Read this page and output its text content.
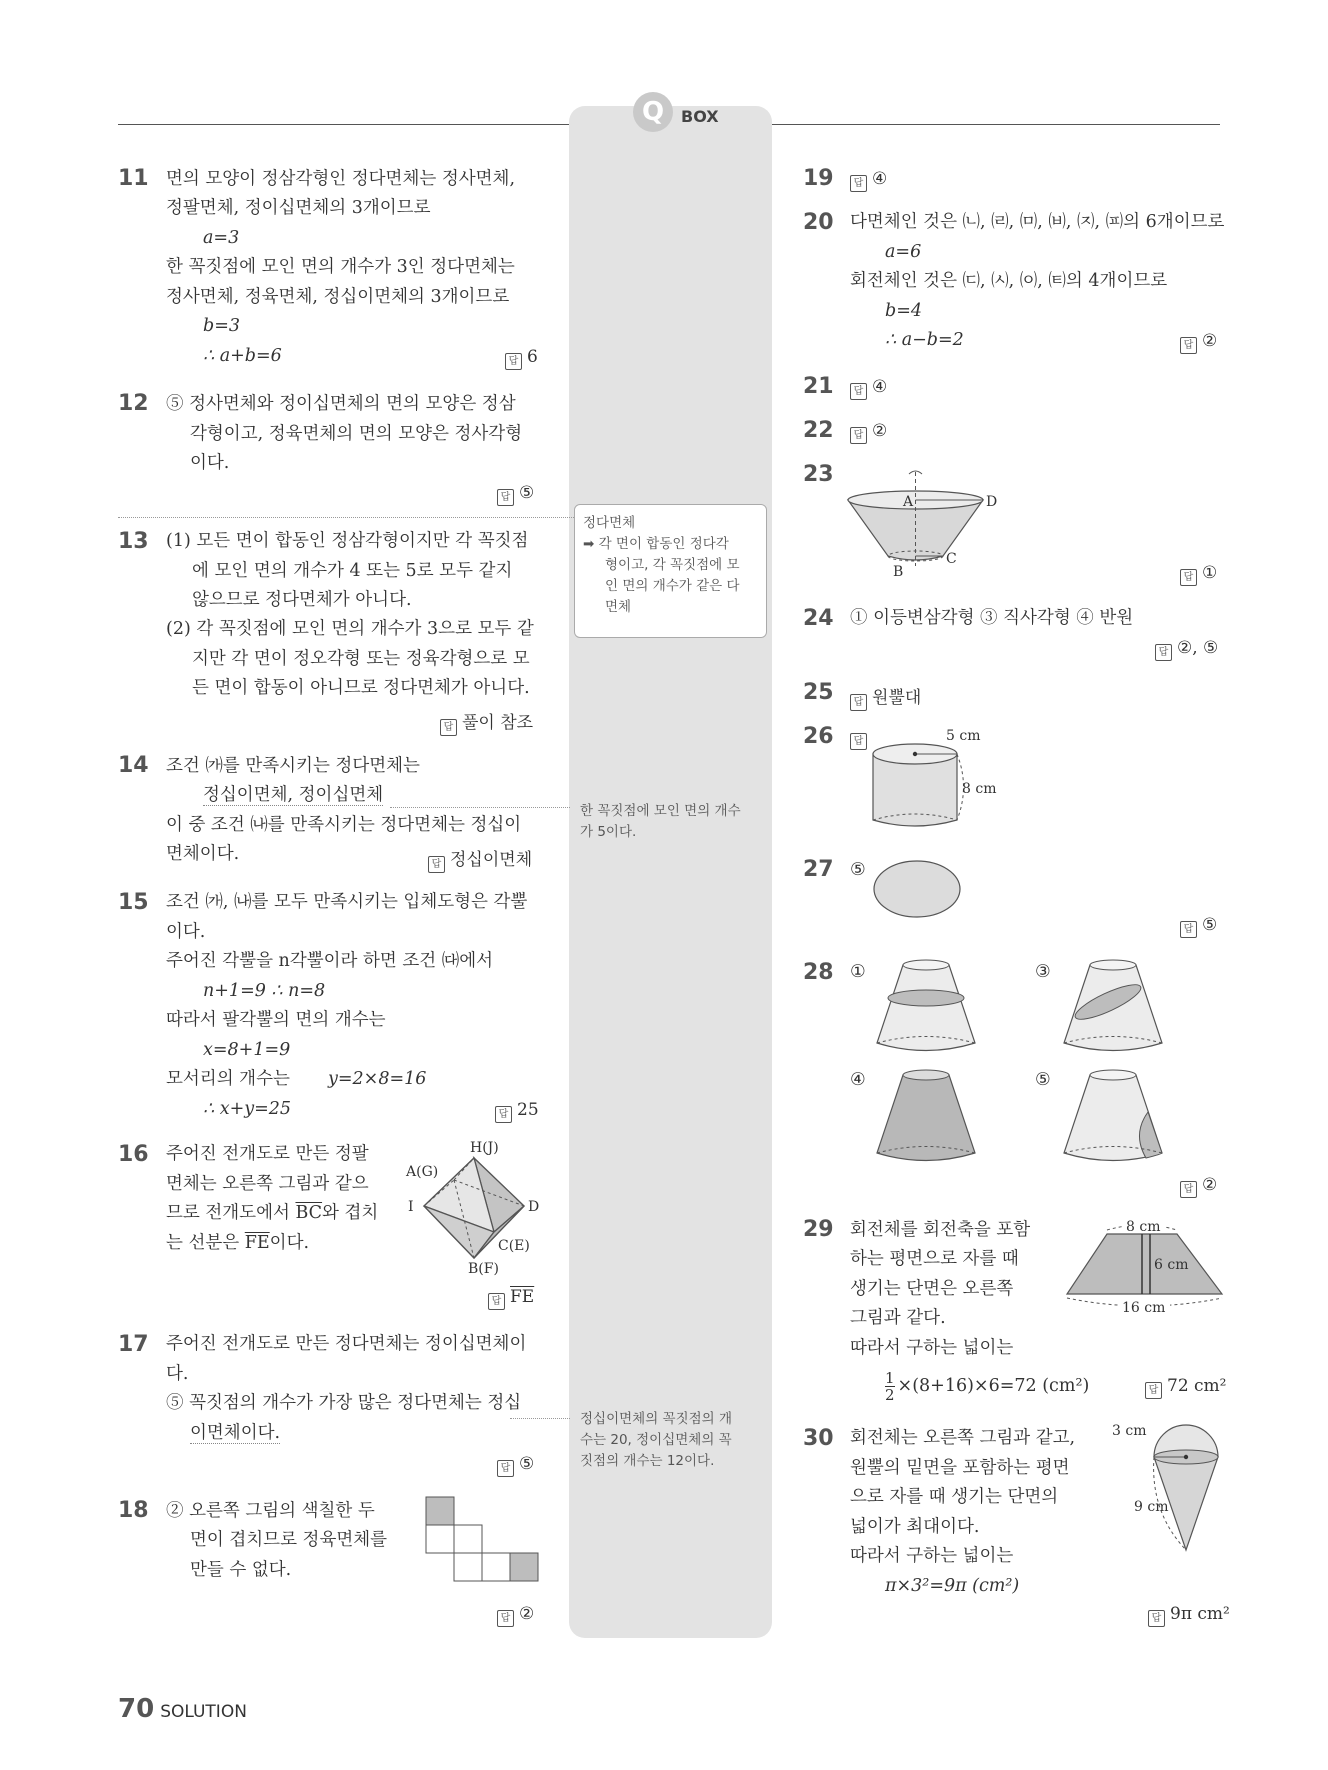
Q	BOX
11 면의 모양이 정삼각형인 정다면체는 정사면체,
정팔면체, 정이십면체의 3개이므로
a=3
한 꼭짓점에 모인 면의 개수가 3인 정다면체는
정사면체, 정육면체, 정십이면체의 3개이므로
b=3
∴ a+b=6	답 6
12 ⑤ 정사면체와 정이십면체의 면의 모양은 정삼
각형이고, 정육면체의 면의 모양은 정사각형
이다.
답 ⑤
13 (1) 모든 면이 합동인 정삼각형이지만 각 꼭짓점
에 모인 면의 개수가 4 또는 5로 모두 같지
않으므로 정다면체가 아니다.
(2) 각 꼭짓점에 모인 면의 개수가 3으로 모두 같
지만 각 면이 정오각형 또는 정육각형으로 모
든 면이 합동이 아니므로 정다면체가 아니다.
답 풀이 참조
14 조건 ㈎를 만족시키는 정다면체는
정십이면체, 정이십면체
이 중 조건 ㈏를 만족시키는 정다면체는 정십이
면체이다.
답 정십이면체
15 조건 ㈎, ㈏를 모두 만족시키는 입체도형은 각뿔
이다.
주어진 각뿔을 n각뿔이라 하면 조건 ㈐에서
n+1=9 ∴ n=8
따라서 팔각뿔의 면의 개수는
x=8+1=9
모서리의 개수는 y=2×8=16
∴ x+y=25	답 25
16 주어진 전개도로 만든 정팔
면체는 오른쪽 그림과 같으
므로 전개도에서 $\overline{BC}$와 겹치
는 선분은 $\overline{FE}$이다.
H(J)
A(G)
I	D
C(E)
B(F)
답 $\overline{FE}$
17 주어진 전개도로 만든 정다면체는 정이십면체이
다.
⑤ 꼭짓점의 개수가 가장 많은 정다면체는 정십
이면체이다.
답 ⑤
18 ② 오른쪽 그림의 색칠한 두
면이 겹치므로 정육면체를
만들 수 없다.
답 ②
정다면체
➡ 각 면이 합동인 정다각
형이고, 각 꼭짓점에 모
인 면의 개수가 같은 다
면체
한 꼭짓점에 모인 면의 개수
가 5이다.
정십이면체의 꼭짓점의 개
수는 20, 정이십면체의 꼭
짓점의 개수는 12이다.
19	답 ④
20 다면체인 것은 ㈁, ㈃, ㈄, ㈅, ㈈, ㈌의 6개이므로
a=6
회전체인 것은 ㈂, ㈆, ㈇, ㈋의 4개이므로
b=4
∴ a−b=2	답 ②
21	답 ④
22	답 ②
23
A	D
B
C
답 ①
24 ① 이등변삼각형 ③ 직사각형 ④ 반원
답 ②, ⑤
25	답 원뿔대
26	답	5 cm
8 cm
27 ⑤
답 ⑤
28 ①	③
④	⑤
답 ②
29 회전체를 회전축을 포함
하는 평면으로 자를 때
생기는 단면은 오른쪽
그림과 같다.
따라서 구하는 넓이는
8 cm
6 cm
16 cm
$\frac{1}{2} \times(8+16)\times 6=72$ (cm²)	답 72 cm²
30 회전체는 오른쪽 그림과 같고,
원뿔의 밑면을 포함하는 평면
으로 자를 때 생기는 단면의
넓이가 최대이다.
따라서 구하는 넓이는
π×3²=9π (cm²)
3 cm
9 cm
답 9π cm²
70 SOLUTION
